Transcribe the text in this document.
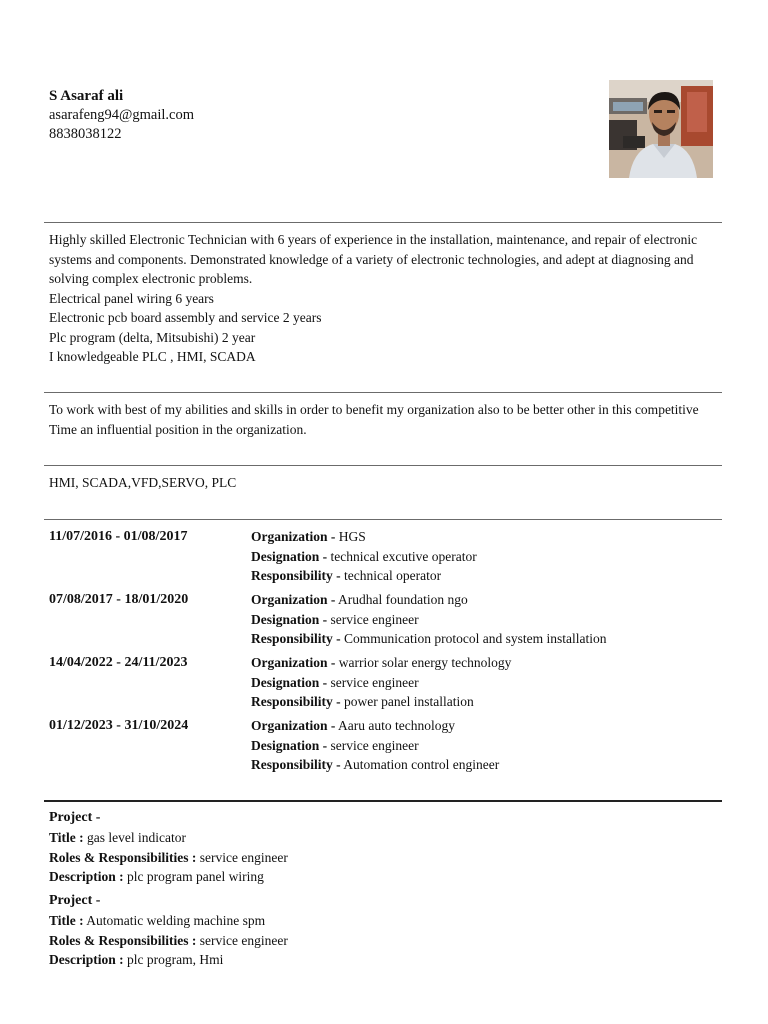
S Asaraf ali
asarafeng94@gmail.com
8838038122

Highly skilled Electronic Technician with 6 years of experience in the installation, maintenance, and repair of electronic systems and components. Demonstrated knowledge of a variety of electronic technologies, and adept at diagnosing and solving complex electronic problems.

Electrical panel wiring 6 years

Electronic pcb board assembly and service 2 years

Plc program (delta, Mitsubishi) 2 year

I knowledgeable PLC , HMI, SCADA

To work with best of my abilities and skills in order to benefit my organization also to be better other in this competitive Time an influential position in the organization.

HMI, SCADA,VFD,SERVO, PLC

11/07/2016 - 01/08/2017	Organization - HGS
Designation - technical excutive operator
Responsibility - technical operator
07/08/2017 - 18/01/2020	Organization - Arudhal foundation ngo
Designation - service engineer
Responsibility - Communication protocol and system installation
14/04/2022 - 24/11/2023	Organization - warrior solar energy technology
Designation - service engineer
Responsibility - power panel installation
01/12/2023 - 31/10/2024	Organization - Aaru auto technology
Designation - service engineer
Responsibility - Automation control engineer
Project -
Title : gas level indicator
Roles & Responsibilities : service engineer
Description : plc program panel wiring
Project -
Title : Automatic welding machine spm
Roles & Responsibilities : service engineer
Description : plc program, Hmi
